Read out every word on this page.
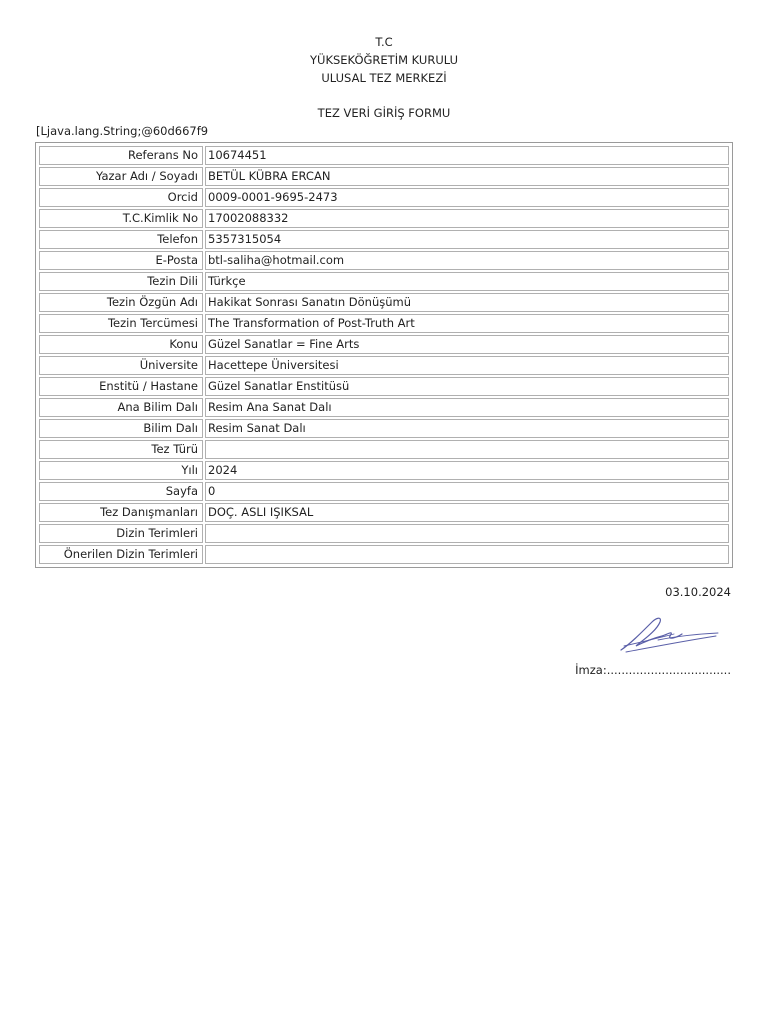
T.C
YÜKSEKÖĞRETİM KURULU
ULUSAL TEZ MERKEZİ
TEZ VERİ GİRİŞ FORMU
[Ljava.lang.String;@60d667f9
Referans No 10674451
Yazar Adı / Soyadı BETÜL KÜBRA ERCAN
Orcid 0009-0001-9695-2473
T.C.Kimlik No 17002088332
Telefon 5357315054
E-Posta btl-saliha@hotmail.com
Tezin Dili Türkçe
Tezin Özgün Adı Hakikat Sonrası Sanatın Dönüşümü
Tezin Tercümesi The Transformation of Post-Truth Art
Konu Güzel Sanatlar = Fine Arts
Üniversite Hacettepe Üniversitesi
Enstitü / Hastane Güzel Sanatlar Enstitüsü
Ana Bilim Dalı Resim Ana Sanat Dalı
Bilim Dalı Resim Sanat Dalı
Tez Türü
Yılı 2024
Sayfa 0
Tez Danışmanları DOÇ. ASLI IŞIKSAL
Dizin Terimleri
Önerilen Dizin Terimleri
03.10.2024
İmza:..................................
